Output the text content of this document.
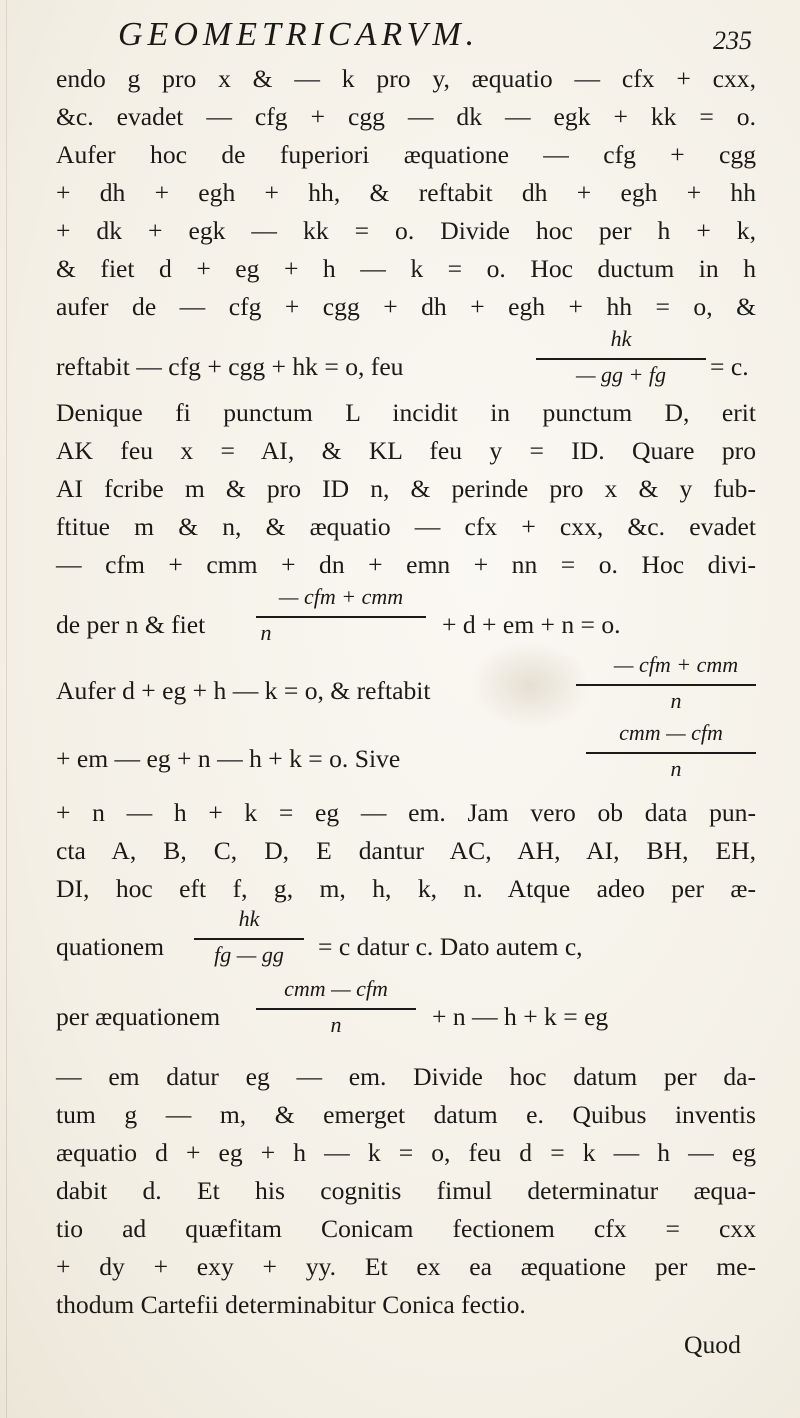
GEOMETRICARVM.	235
endo g pro x & — k pro y, æquatio — cfx + cxx,
&c. evadet — cfg + cgg — dk — egk + kk = o.
Aufer hoc de fuperiori æquatione — cfg + cgg
+ dh + egh + hh, & reftabit dh + egh + hh
+ dk + egk — kk = o. Divide hoc per h + k,
& fiet d + eg + h — k = o. Hoc ductum in h
aufer de — cfg + cgg + dh + egh + hh = o, &
reftabit — cfg + cgg + hk = o, feu
hk
— gg + fg	= c.
Denique fi punctum L incidit in punctum D, erit
AK feu x = AI, & KL feu y = ID. Quare pro
AI fcribe m & pro ID n, & perinde pro x & y fub-
ftitue m & n, & æquatio — cfx + cxx, &c. evadet
— cfm + cmm + dn + emn + nn = o. Hoc divi-
de per n & fiet
— cfm + cmm
n	+ d + em + n = o.
Aufer d + eg + h — k = o, & reftabit
— cfm + cmm
n
+ em — eg + n — h + k = o. Sive
cmm — cfm
n
+ n — h + k = eg — em. Jam vero ob data pun-
cta A, B, C, D, E dantur AC, AH, AI, BH, EH,
DI, hoc eft f, g, m, h, k, n. Atque adeo per æ-
quationem
hk
fg — gg	= c datur c. Dato autem c,
per æquationem
cmm — cfm
n	+ n — h + k = eg
— em datur eg — em. Divide hoc datum per da-
tum g — m, & emerget datum e. Quibus inventis
æquatio d + eg + h — k = o, feu d = k — h — eg
dabit d. Et his cognitis fimul determinatur æqua-
tio ad quæfitam Conicam fectionem cfx = cxx
+ dy + exy + yy. Et ex ea æquatione per me-
thodum Cartefii determinabitur Conica fectio.
Quod
